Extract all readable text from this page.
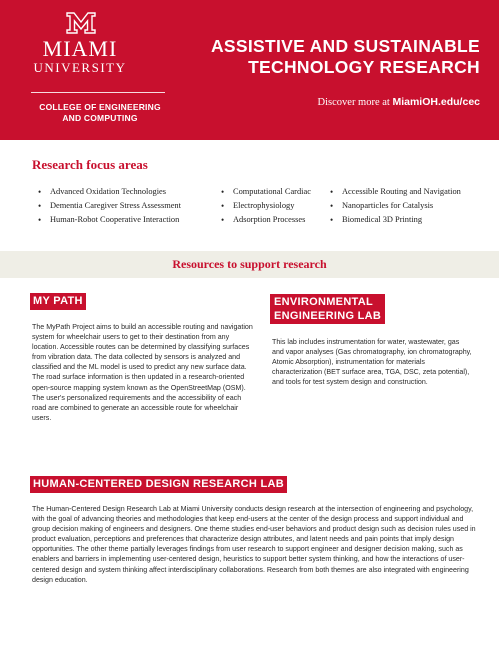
MIAMI
UNIVERSITY
COLLEGE OF ENGINEERING
AND COMPUTING
ASSISTIVE AND SUSTAINABLE
TECHNOLOGY RESEARCH
Discover more at MiamiOH.edu/cec
Research focus areas
• Advanced Oxidation Technologies
• Dementia Caregiver Stress Assessment
• Human-Robot Cooperative Interaction
• Computational Cardiac
• Electrophysiology
• Adsorption Processes
• Accessible Routing and Navigation
• Nanoparticles for Catalysis
• Biomedical 3D Printing
Resources to support research
MY PATH

The MyPath Project aims to build an accessible routing and navigation system for wheelchair users to get to their destination from any location. Accessible routes can be determined by classifying surfaces from vibration data. The data collected by sensors is analyzed and classified and the ML model is used to predict any new surface data. The road surface information is then updated in a research-oriented open-source mapping system known as the OpenStreetMap (OSM). The user's personalized requirements and the accessibility of each road are combined to generate an accessible route for wheelchair users.

ENVIRONMENTAL
ENGINEERING LAB

This lab includes instrumentation for water, wastewater, gas and vapor analyses (Gas chromatography, ion chromatography, Atomic Absorption), instrumentation for materials characterization (BET surface area, TGA, DSC, zeta potential), and tools for test system design and construction.

HUMAN-CENTERED DESIGN RESEARCH LAB

The Human-Centered Design Research Lab at Miami University conducts design research at the intersection of engineering and psychology, with the goal of advancing theories and methodologies that keep end-users at the center of the design process and support individual and group decision making of engineers and designers. One theme studies end-user behaviors and product design such as decision rules used in product evaluation, perceptions and preferences that characterize design attributes, and latent needs and pain points that imply design opportunities. The other theme partially leverages findings from user research to support engineer and designer decision making, such as enablers and barriers in implementing user-centered design, heuristics to support better system thinking, and how the interactions of user-centered design and system thinking affect interdisciplinary collaborations. Research from both themes are also integrated with engineering design education.
